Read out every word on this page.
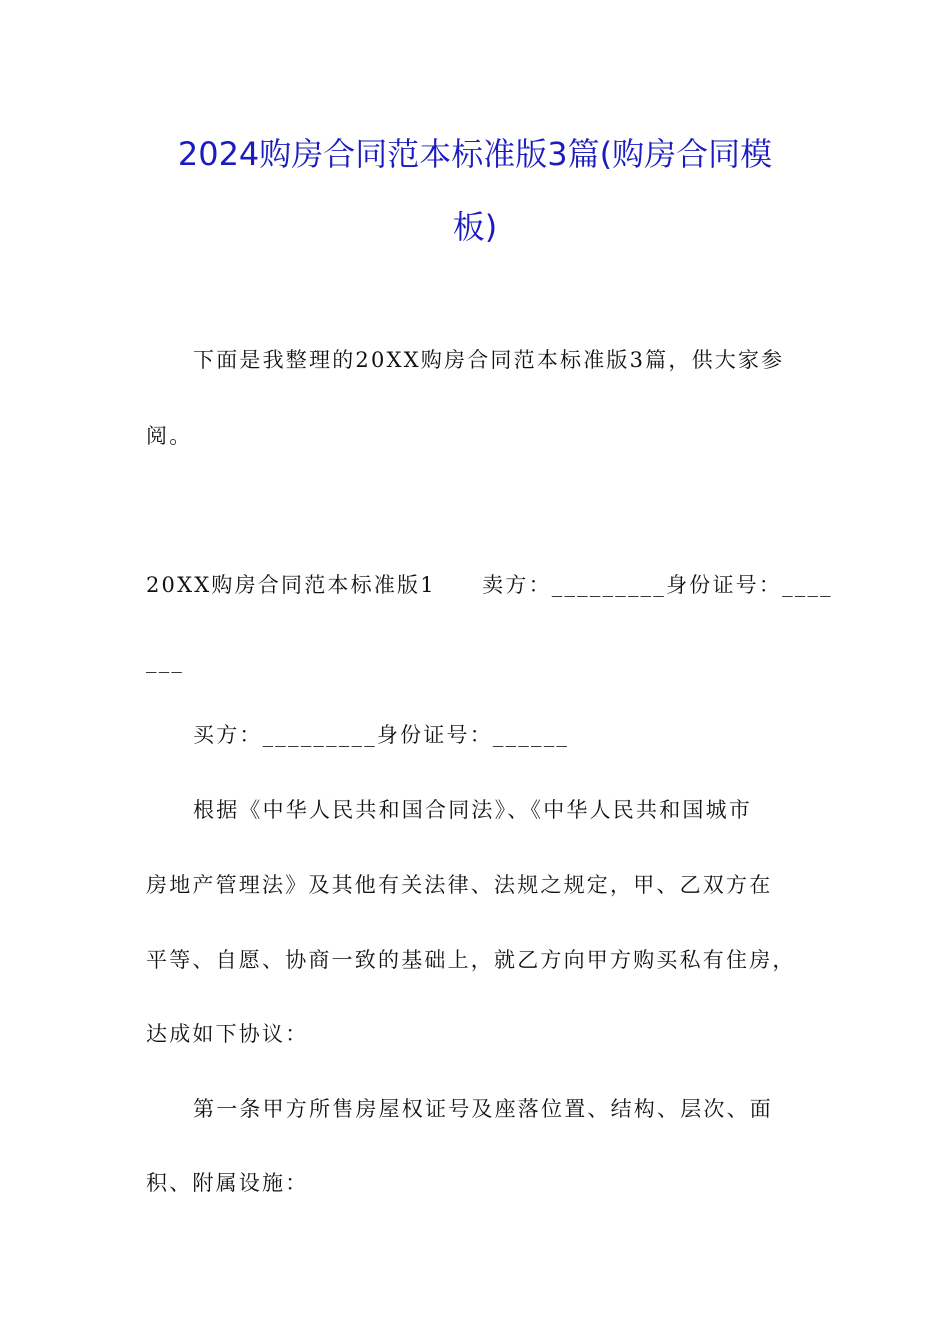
2024购房合同范本标准版3篇(购房合同模
板)
下面是我整理的20XX购房合同范本标准版3篇，供大家参
阅。
20XX购房合同范本标准版1　　卖方：_________身份证号：____
___
买方：_________身份证号：______
根据《中华人民共和国合同法》、《中华人民共和国城市
房地产管理法》及其他有关法律、法规之规定，甲、乙双方在
平等、自愿、协商一致的基础上，就乙方向甲方购买私有住房，
达成如下协议：
第一条甲方所售房屋权证号及座落位置、结构、层次、面
积、附属设施：
